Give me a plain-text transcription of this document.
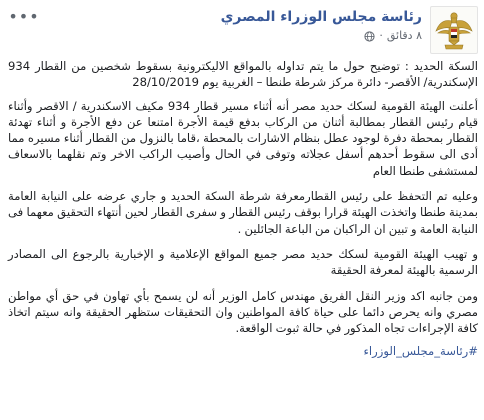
•••	رئاسة مجلس الوزراء المصري
٨ دقائق
·

السكة الحديد : توضيح حول ما يتم تداوله بالمواقع الاليكترونية بسقوط شخصين من القطار 934 الإسكندرية/ الأقصر- دائرة مركز شرطة طنطا – الغربية يوم 28/10/2019

أعلنت الهيئة القومية لسكك حديد مصر أنه أثناء مسير قطار 934 مكيف الاسكندرية / الاقصر وأثناء قيام رئيس القطار بمطالبة أثنان من الركاب بدفع قيمة الأجرة امتنعا عن دفع الأجرة و أثناء تهدئة القطار بمحطة دفرة لوجود عطل بنظام الاشارات بالمحطة ،قاما بالنزول من القطار أثناء مسيره مما أدى الى سقوط أحدهم أسفل عجلاته وتوفى في الحال وأصيب الراكب الاخر وتم نقلهما بالاسعاف لمستشفى طنطا العام

وعليه تم التحفظ على رئيس القطارمعرفة شرطة السكة الحديد و جاري عرضه على النيابة العامة بمدينة طنطا واتخذت الهيئة قرارا بوقف رئيس القطار و سفرى القطار لحين أنتهاء التحقيق معهما فى النيابة العامة و تبين ان الراكبان من الباعة الجائلين .

و تهيب الهيئة القومية لسكك حديد مصر جميع المواقع الإعلامية و الإخبارية بالرجوع الى المصادر الرسمية بالهيئة لمعرفة الحقيقة

ومن جانبه اكد وزير النقل الفريق مهندس كامل الوزير أنه لن يسمح بأي تهاون في حق أي مواطن مصري وانه يحرص دائما على حياة كافة المواطنين وان التحقيقات ستظهر الحقيقة وانه سيتم اتخاذ كافة الإجراءات تجاه المذكور في حالة ثبوت الواقعة.

#رئاسة_مجلس_الوزراء
